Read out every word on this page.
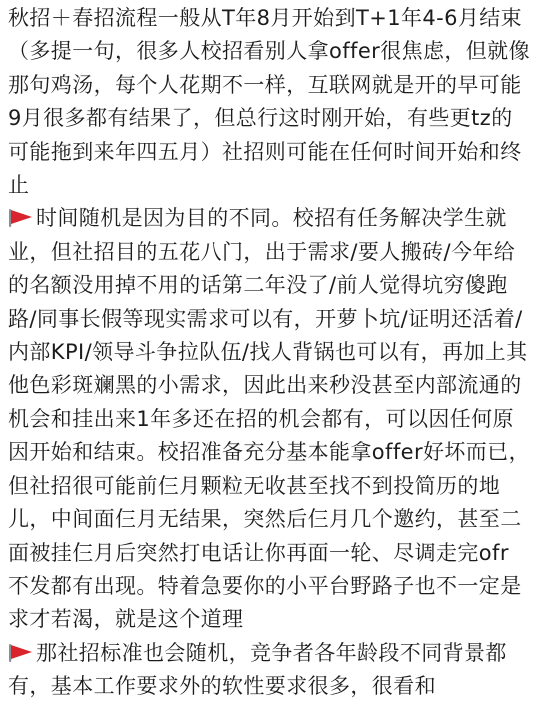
秋招＋春招流程一般从T年8月开始到T+1年4-6月结束（多提一句，很多人校招看别人拿offer很焦虑，但就像那句鸡汤，每个人花期不一样，互联网就是开的早可能9月很多都有结果了，但总行这时刚开始，有些更tz的可能拖到来年四五月）社招则可能在任何时间开始和终止

时间随机是因为目的不同。校招有任务解决学生就业，但社招目的五花八门，出于需求/要人搬砖/今年给的名额没用掉不用的话第二年没了/前人觉得坑穷傻跑路/同事长假等现实需求可以有，开萝卜坑/证明还活着/内部KPI/领导斗争拉队伍/找人背锅也可以有，再加上其他色彩斑斓黑的小需求，因此出来秒没甚至内部流通的机会和挂出来1年多还在招的机会都有，可以因任何原因开始和结束。校招准备充分基本能拿offer好坏而已，但社招很可能前仨月颗粒无收甚至找不到投简历的地儿，中间面仨月无结果，突然后仨月几个邀约，甚至二面被挂仨月后突然打电话让你再面一轮、尽调走完ofr不发都有出现。特着急要你的小平台野路子也不一定是求才若渴，就是这个道理

那社招标准也会随机，竞争者各年龄段不同背景都有，基本工作要求外的软性要求很多，很看和
